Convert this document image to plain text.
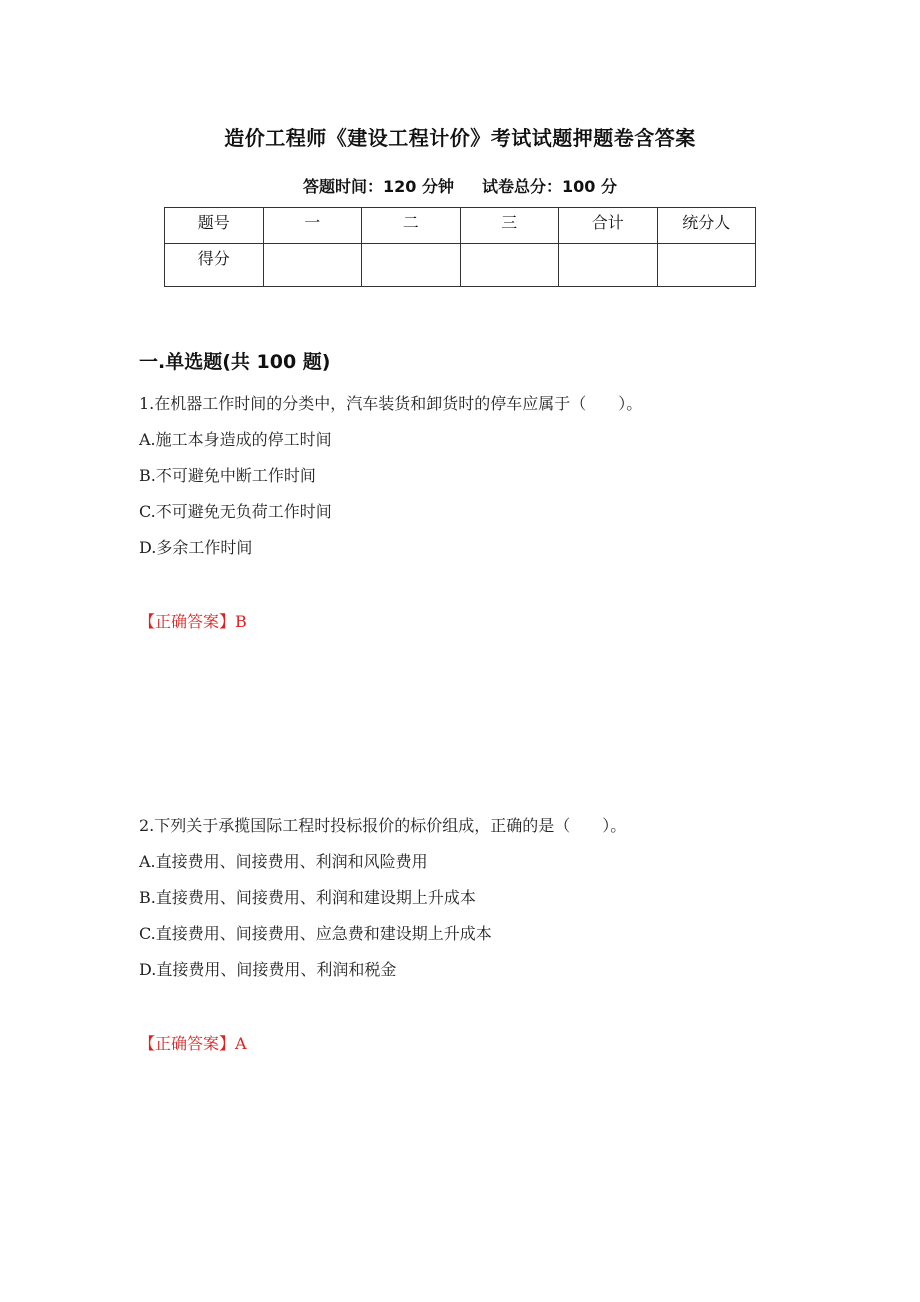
造价工程师《建设工程计价》考试试题押题卷含答案
答题时间：120 分钟 试卷总分：100 分
题号	一	二	三	合计	统分人
得分					
一.单选题(共 100 题)
1.在机器工作时间的分类中，汽车装货和卸货时的停车应属于（　　）。
A.施工本身造成的停工时间
B.不可避免中断工作时间
C.不可避免无负荷工作时间
D.多余工作时间
【正确答案】B
2.下列关于承揽国际工程时投标报价的标价组成，正确的是（　　）。
A.直接费用、间接费用、利润和风险费用
B.直接费用、间接费用、利润和建设期上升成本
C.直接费用、间接费用、应急费和建设期上升成本
D.直接费用、间接费用、利润和税金
【正确答案】A
